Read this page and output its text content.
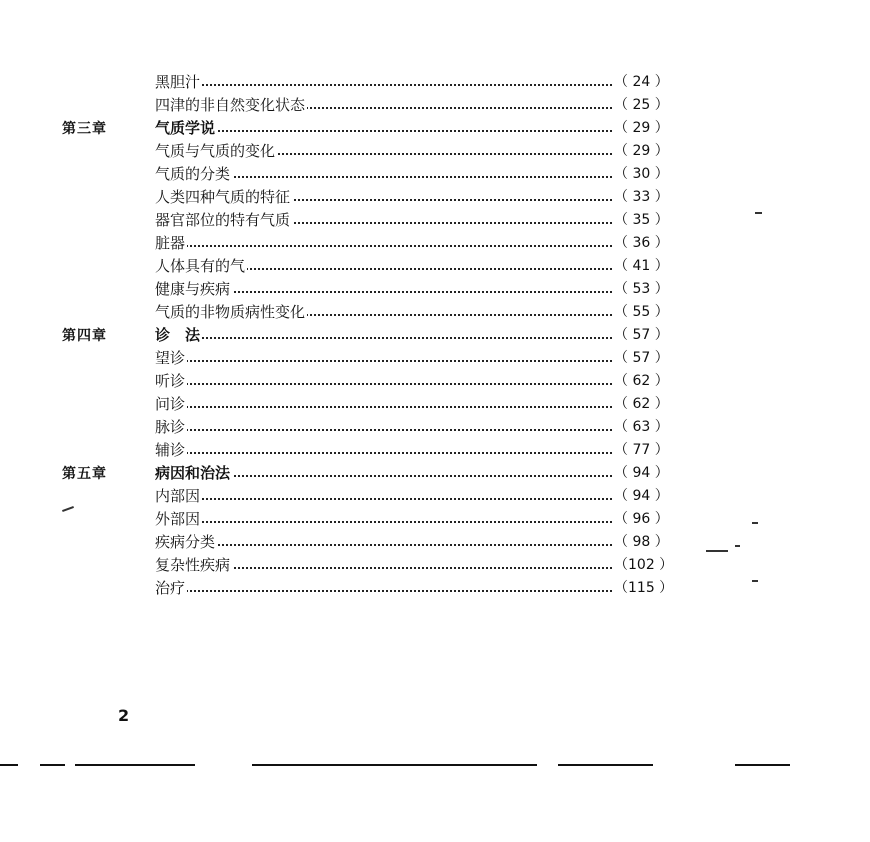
黑胆汁	（ 24 ）
四津的非自然变化状态	（ 25 ）
第三章	气质学说	（ 29 ）
气质与气质的变化	（ 29 ）
气质的分类	（ 30 ）
人类四种气质的特征	（ 33 ）
器官部位的特有气质	（ 35 ）
脏器	（ 36 ）
人体具有的气	（ 41 ）
健康与疾病	（ 53 ）
气质的非物质病性变化	（ 55 ）
第四章	诊　法	（ 57 ）
望诊	（ 57 ）
听诊	（ 62 ）
问诊	（ 62 ）
脉诊	（ 63 ）
辅诊	（ 77 ）
第五章	病因和治法	（ 94 ）
内部因	（ 94 ）
外部因	（ 96 ）
疾病分类	（ 98 ）
复杂性疾病	（102 ）
治疗	（115 ）
2
